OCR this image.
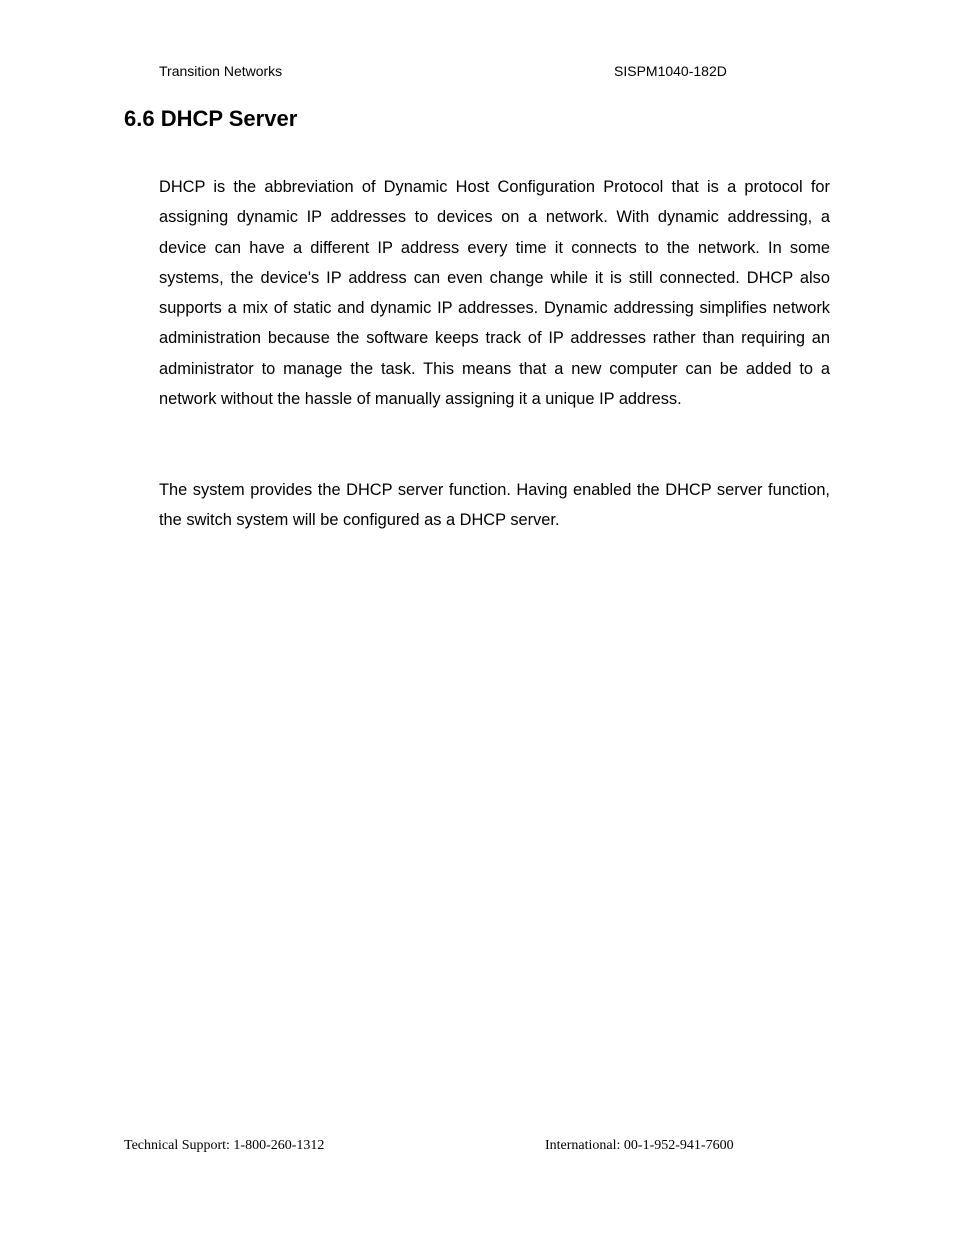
Transition Networks	SISPM1040-182D
6.6 DHCP Server

DHCP is the abbreviation of Dynamic Host Configuration Protocol that is a protocol for assigning dynamic IP addresses to devices on a network. With dynamic addressing, a device can have a different IP address every time it connects to the network. In some systems, the device's IP address can even change while it is still connected. DHCP also supports a mix of static and dynamic IP addresses. Dynamic addressing simplifies network administration because the software keeps track of IP addresses rather than requiring an administrator to manage the task. This means that a new computer can be added to a network without the hassle of manually assigning it a unique IP address.

The system provides the DHCP server function. Having enabled the DHCP server function, the switch system will be configured as a DHCP server.

Technical Support: 1-800-260-1312	International: 00-1-952-941-7600
